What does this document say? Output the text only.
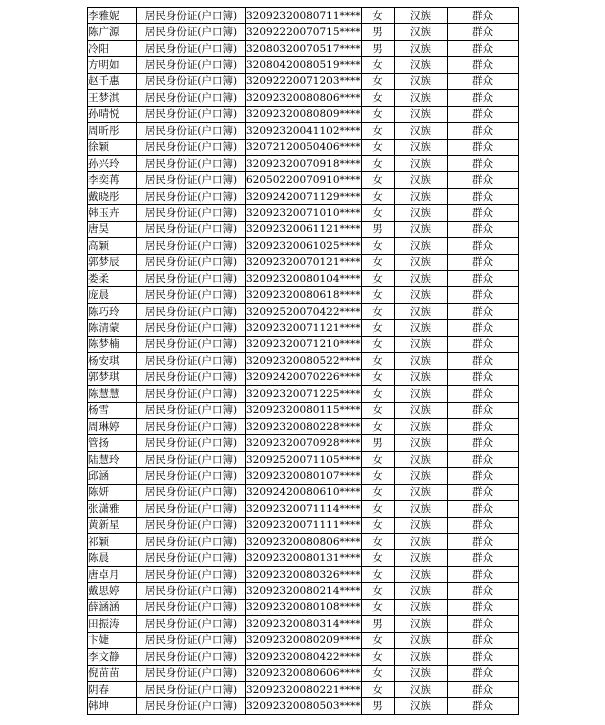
李雅妮	居民身份证(户口簿)	32092320080711****	女	汉族	群众
陈广源	居民身份证(户口簿)	32092220070715****	男	汉族	群众
冷阳	居民身份证(户口簿)	32080320070517****	男	汉族	群众
方明如	居民身份证(户口簿)	32080420080519****	女	汉族	群众
赵千惠	居民身份证(户口簿)	32092220071203****	女	汉族	群众
王梦淇	居民身份证(户口簿)	32092320080806****	女	汉族	群众
孙晴悦	居民身份证(户口簿)	32092320080809****	女	汉族	群众
周昕彤	居民身份证(户口簿)	32092320041102****	女	汉族	群众
徐颖	居民身份证(户口簿)	32072120050406****	女	汉族	群众
孙兴玲	居民身份证(户口簿)	32092320070918****	女	汉族	群众
李奕苒	居民身份证(户口簿)	62050220070910****	女	汉族	群众
戴晓彤	居民身份证(户口簿)	32092420071129****	女	汉族	群众
韩玉卉	居民身份证(户口簿)	32092320071010****	女	汉族	群众
唐昊	居民身份证(户口簿)	32092320061121****	男	汉族	群众
高颖	居民身份证(户口簿)	32092320061025****	女	汉族	群众
郭梦辰	居民身份证(户口簿)	32092320070121****	女	汉族	群众
娄柔	居民身份证(户口簿)	32092320080104****	女	汉族	群众
庞晨	居民身份证(户口簿)	32092320080618****	女	汉族	群众
陈巧玲	居民身份证(户口簿)	32092520070422****	女	汉族	群众
陈清蒙	居民身份证(户口簿)	32092320071121****	女	汉族	群众
陈梦楠	居民身份证(户口簿)	32092320071210****	女	汉族	群众
杨安琪	居民身份证(户口簿)	32092320080522****	女	汉族	群众
郭梦琪	居民身份证(户口簿)	32092420070226****	女	汉族	群众
陈慧慧	居民身份证(户口簿)	32092320071225****	女	汉族	群众
杨雪	居民身份证(户口簿)	32092320080115****	女	汉族	群众
周琳婷	居民身份证(户口簿)	32092320080228****	女	汉族	群众
管扬	居民身份证(户口簿)	32092320070928****	男	汉族	群众
陆慧玲	居民身份证(户口簿)	32092520071105****	女	汉族	群众
邱涵	居民身份证(户口簿)	32092320080107****	女	汉族	群众
陈妍	居民身份证(户口簿)	32092420080610****	女	汉族	群众
张潇雅	居民身份证(户口簿)	32092320071114****	女	汉族	群众
黄新星	居民身份证(户口簿)	32092320071111****	女	汉族	群众
祁颖	居民身份证(户口簿)	32092320080806****	女	汉族	群众
陈晨	居民身份证(户口簿)	32092320080131****	女	汉族	群众
唐卓月	居民身份证(户口簿)	32092320080326****	女	汉族	群众
戴思婷	居民身份证(户口簿)	32092320080214****	女	汉族	群众
薛涵涵	居民身份证(户口簿)	32092320080108****	女	汉族	群众
田振涛	居民身份证(户口簿)	32092320080314****	男	汉族	群众
卞婕	居民身份证(户口簿)	32092320080209****	女	汉族	群众
李文静	居民身份证(户口簿)	32092320080422****	女	汉族	群众
倪苗苗	居民身份证(户口簿)	32092320080606****	女	汉族	群众
阴春	居民身份证(户口簿)	32092320080221****	女	汉族	群众
韩坤	居民身份证(户口簿)	32092320080503****	男	汉族	群众
